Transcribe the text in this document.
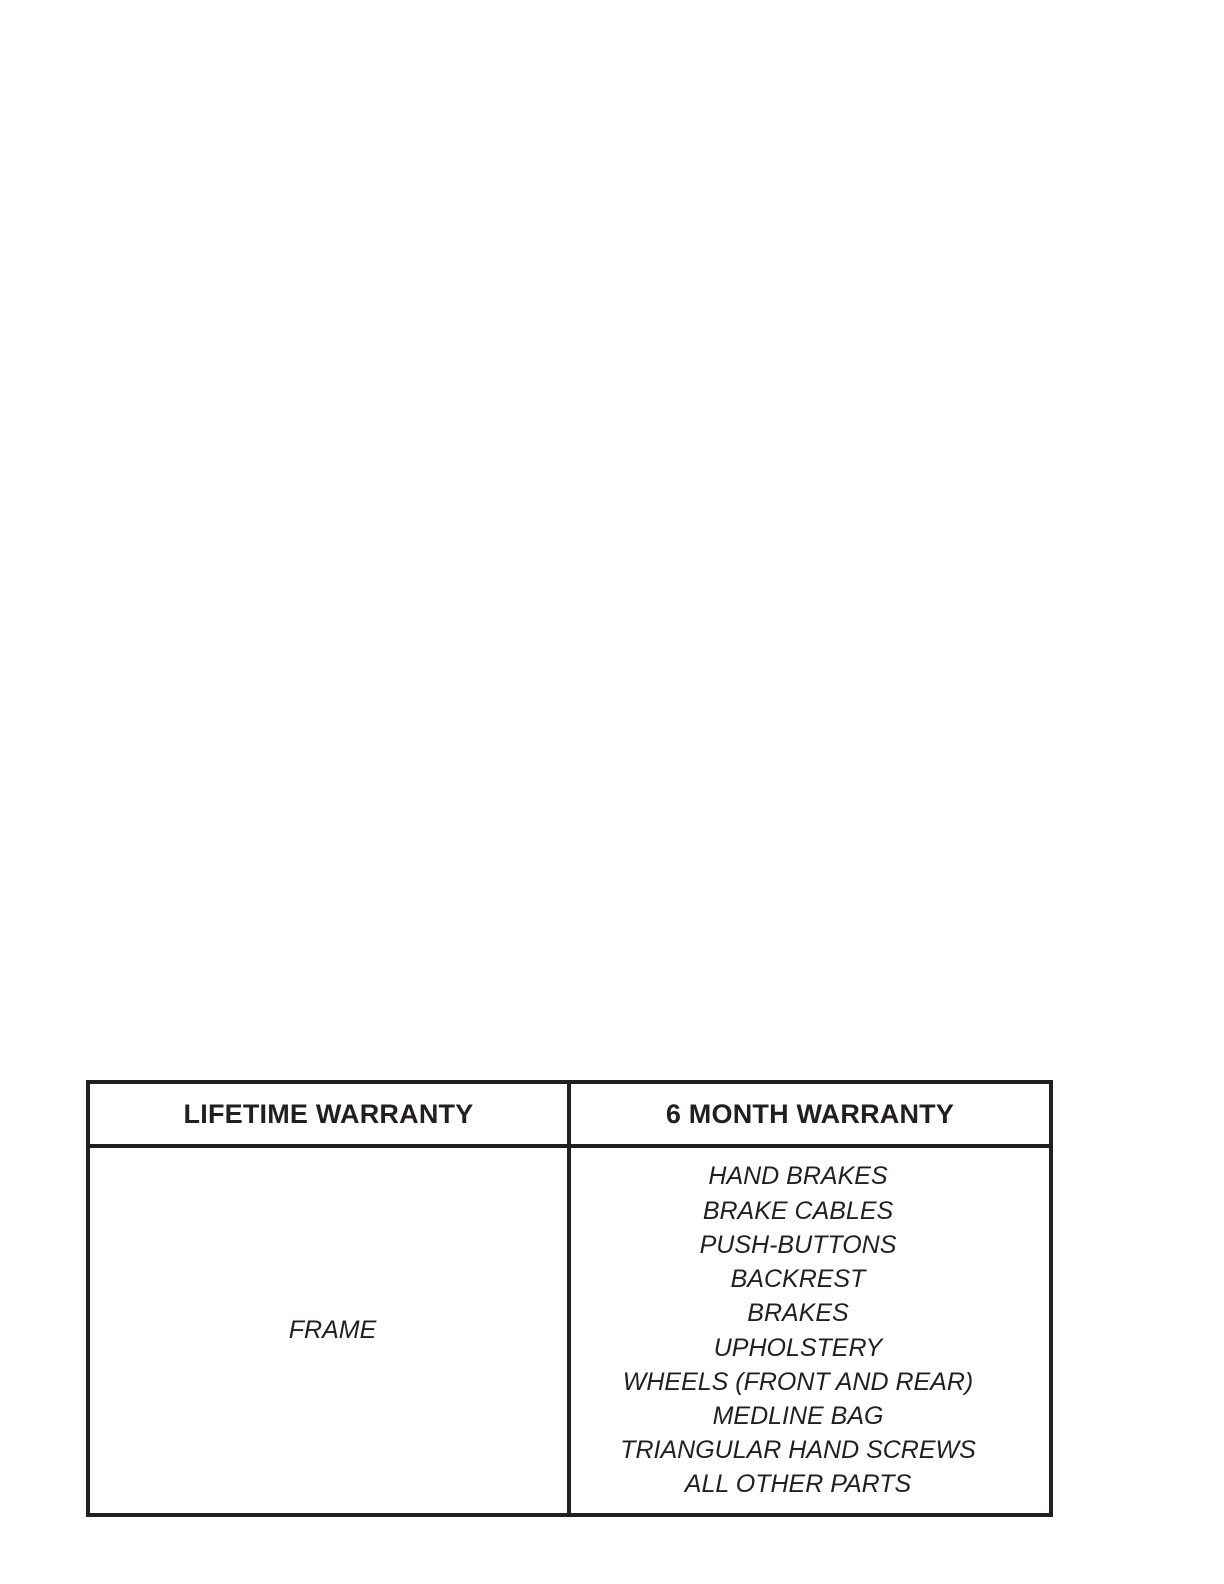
LIFETIME WARRANTY	6 MONTH WARRANTY
FRAME
HAND BRAKES
BRAKE CABLES
PUSH-BUTTONS
BACKREST
BRAKES
UPHOLSTERY
WHEELS (FRONT AND REAR)
MEDLINE BAG
TRIANGULAR HAND SCREWS
ALL OTHER PARTS
